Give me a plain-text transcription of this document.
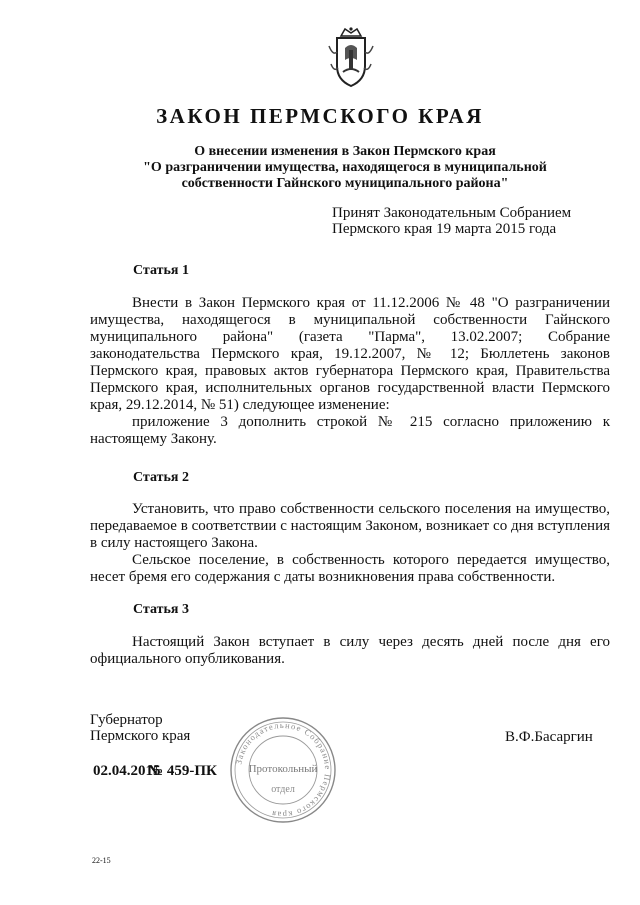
ЗАКОН ПЕРМСКОГО КРАЯ
О внесении изменения в Закон Пермского края
"О разграничении имущества, находящегося в муниципальной
собственности Гайнского муниципального района"
Принят Законодательным Собранием
Пермского края 19 марта 2015 года
Статья 1

Внести в Закон Пермского края от 11.12.2006 № 48 "О разграничении имущества, находящегося в муниципальной собственности Гайнского муниципального района" (газета "Парма", 13.02.2007; Собрание законодательства Пермского края, 19.12.2007, № 12; Бюллетень законов Пермского края, правовых актов губернатора Пермского края, Правительства Пермского края, исполнительных органов государственной власти Пермского края, 29.12.2014, № 51) следующее изменение:

приложение 3 дополнить строкой № 215 согласно приложению к настоящему Закону.

Статья 2

Установить, что право собственности сельского поселения на имущество, передаваемое в соответствии с настоящим Законом, возникает со дня вступления в силу настоящего Закона.

Сельское поселение, в собственность которого передается имущество, несет бремя его содержания с даты возникновения права собственности.

Статья 3

Настоящий Закон вступает в силу через десять дней после дня его официального опубликования.

Губернатор
Пермского края	В.Ф.Басаргин
02.04.2015
№ 459-ПК
Законодательное Собрание Пермского края
Протокольный
отдел
22-15
